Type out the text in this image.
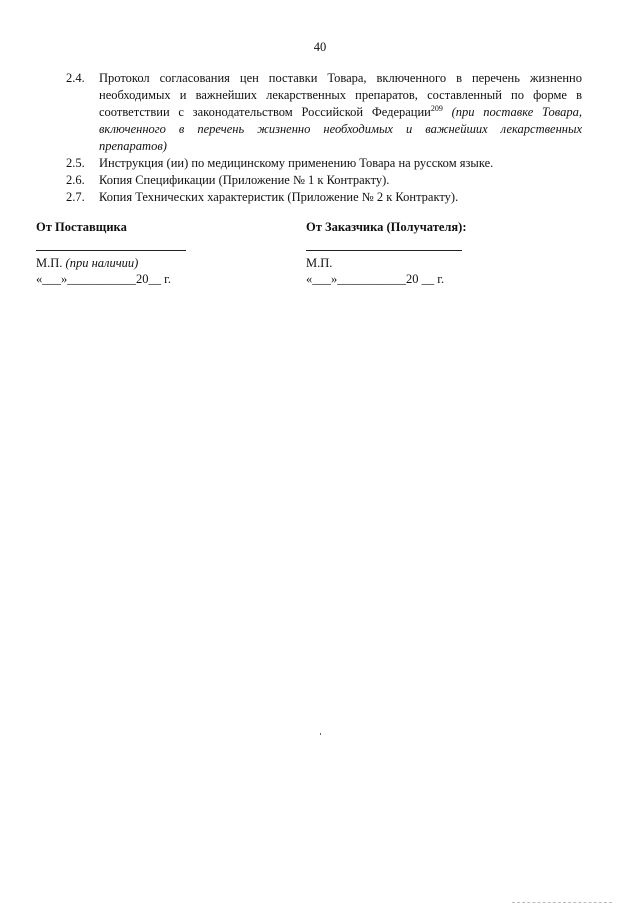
40
2.4.	Протокол согласования цен поставки Товара, включенного в перечень жизненно необходимых и важнейших лекарственных препаратов, составленный по форме в соответствии с законодательством Российской Федерации$^{209}$ (при поставке Товара, включенного в перечень жизненно необходимых и важнейших лекарственных препаратов)
2.5.	Инструкция (ии) по медицинскому применению Товара на русском языке.
2.6.	Копия Спецификации (Приложение № 1 к Контракту).
2.7.	Копия Технических характеристик (Приложение № 2 к Контракту).
От Поставщика
М.П. (при наличии)
«___»___________20__ г.
От Заказчика (Получателя):
М.П.
«___»___________20 __ г.
